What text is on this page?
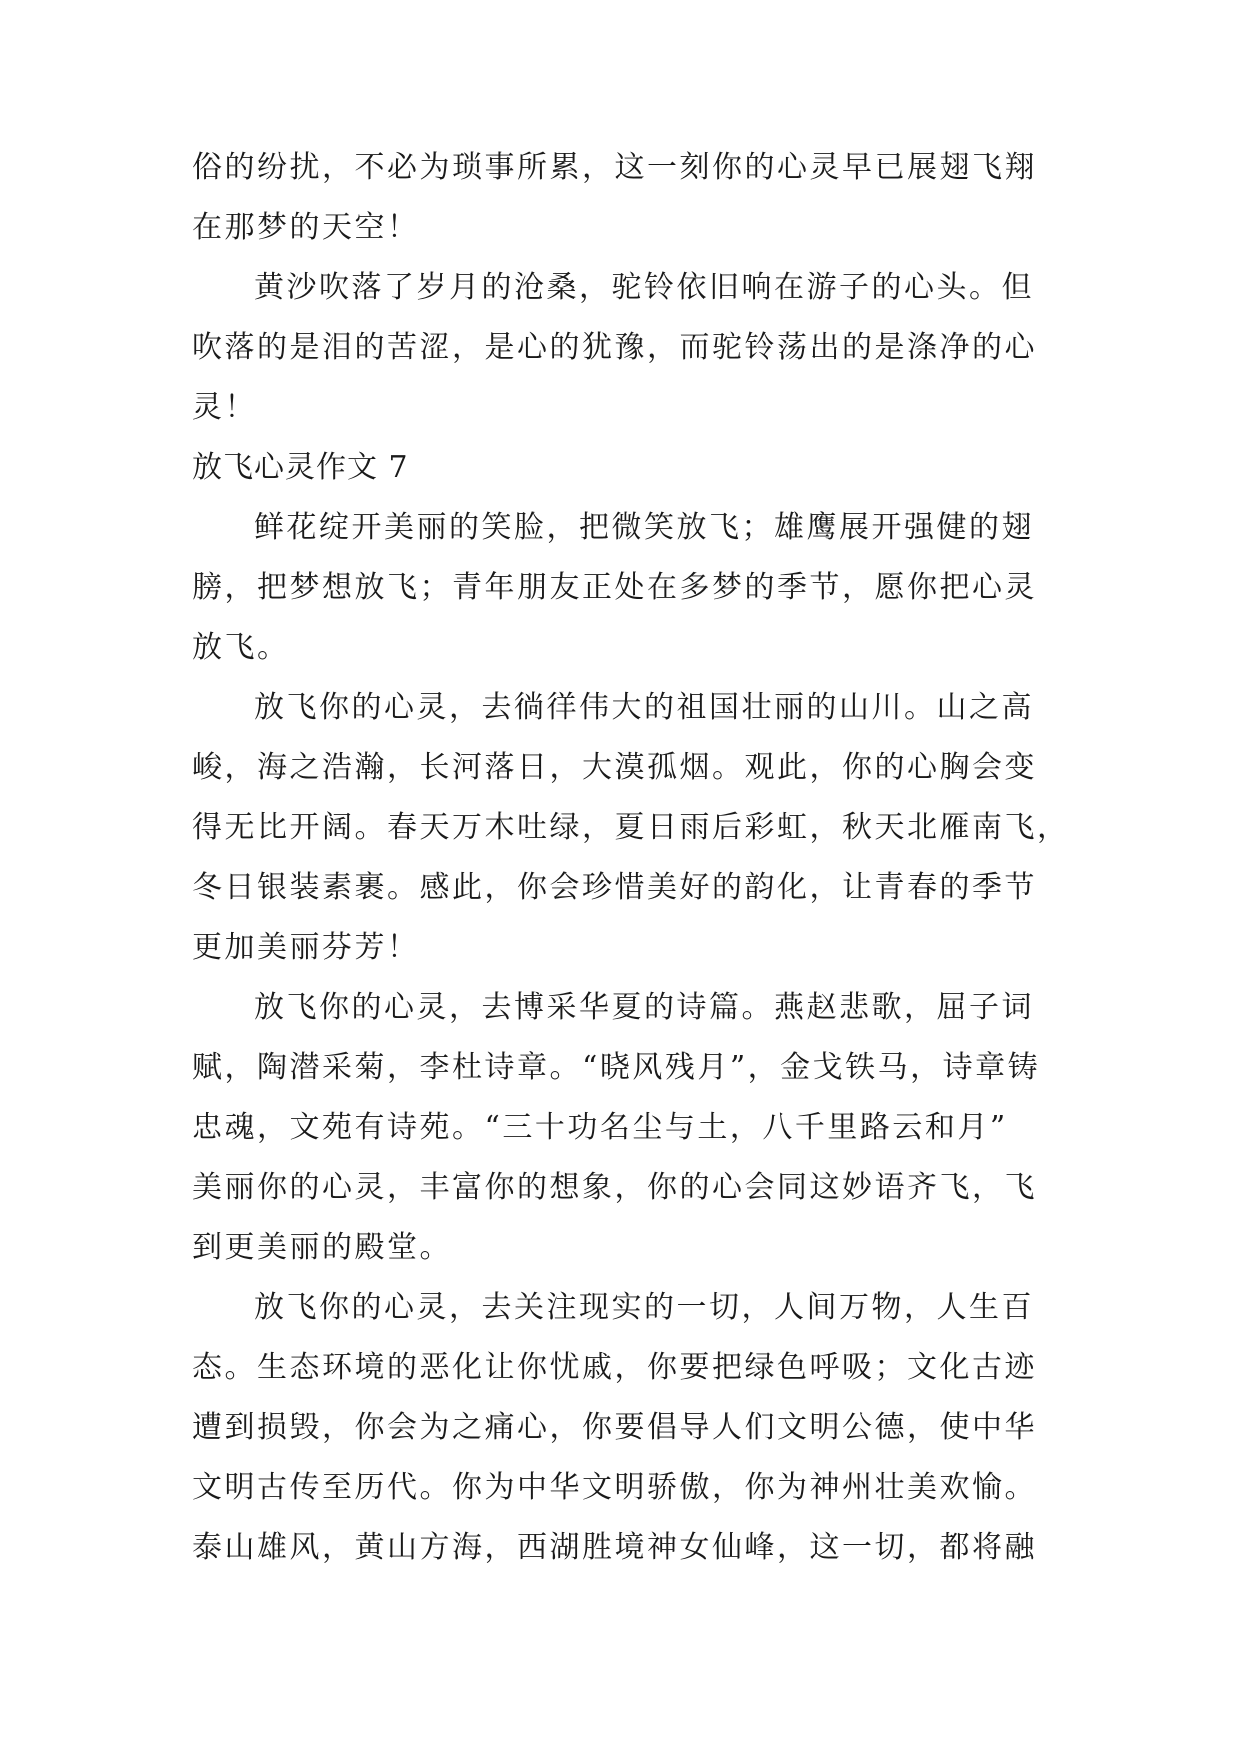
俗的纷扰，不必为琐事所累，这一刻你的心灵早已展翅飞翔
在那梦的天空！
黄沙吹落了岁月的沧桑，驼铃依旧响在游子的心头。但
吹落的是泪的苦涩，是心的犹豫，而驼铃荡出的是涤净的心
灵！
放飞心灵作文 7
鲜花绽开美丽的笑脸，把微笑放飞；雄鹰展开强健的翅
膀，把梦想放飞；青年朋友正处在多梦的季节，愿你把心灵
放飞。
放飞你的心灵，去徜徉伟大的祖国壮丽的山川。山之高
峻，海之浩瀚，长河落日，大漠孤烟。观此，你的心胸会变
得无比开阔。春天万木吐绿，夏日雨后彩虹，秋天北雁南飞，
冬日银装素裹。感此，你会珍惜美好的韵化，让青春的季节
更加美丽芬芳！
放飞你的心灵，去博采华夏的诗篇。燕赵悲歌，屈子词
赋，陶潜采菊，李杜诗章。“晓风残月”，金戈铁马，诗章铸
忠魂，文苑有诗苑。“三十功名尘与土，八千里路云和月”
美丽你的心灵，丰富你的想象，你的心会同这妙语齐飞，飞
到更美丽的殿堂。
放飞你的心灵，去关注现实的一切，人间万物，人生百
态。生态环境的恶化让你忧戚，你要把绿色呼吸；文化古迹
遭到损毁，你会为之痛心，你要倡导人们文明公德，使中华
文明古传至历代。你为中华文明骄傲，你为神州壮美欢愉。
泰山雄风，黄山方海，西湖胜境神女仙峰，这一切，都将融
